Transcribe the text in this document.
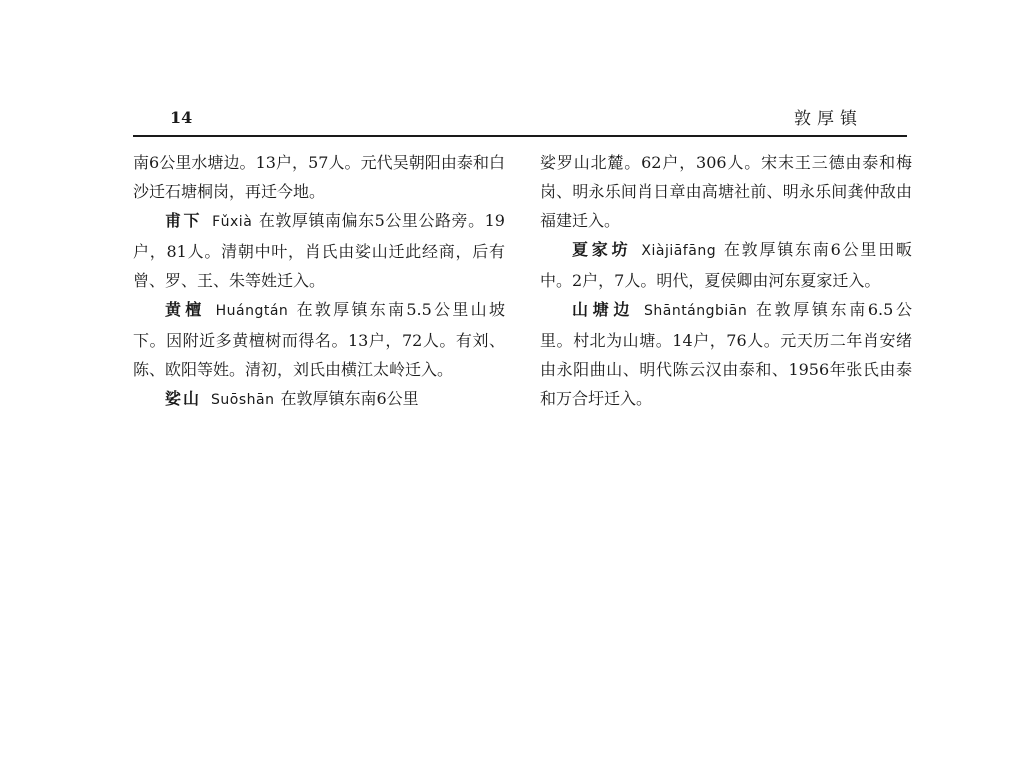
14	敦厚镇

南6公里水塘边。13户，57人。元代吴朝阳由泰和白沙迁石塘桐岗，再迁今地。

甫下 Fǔxià 在敦厚镇南偏东5公里公路旁。19户，81人。清朝中叶，肖氏由娑山迁此经商，后有曾、罗、王、朱等姓迁入。

黄檀 Huángtán 在敦厚镇东南5.5公里山坡下。因附近多黄檀树而得名。13户，72人。有刘、陈、欧阳等姓。清初，刘氏由横江太岭迁入。

娑山 Suōshān 在敦厚镇东南6公里

娑罗山北麓。62户，306人。宋末王三德由泰和梅岗、明永乐间肖日章由高塘社前、明永乐间龚仲敌由福建迁入。

夏家坊 Xiàjiāfāng 在敦厚镇东南6公里田畈中。2户，7人。明代，夏侯卿由河东夏家迁入。

山塘边 Shāntángbiān 在敦厚镇东南6.5公里。村北为山塘。14户，76人。元天历二年肖安绪由永阳曲山、明代陈云汉由泰和、1956年张氏由泰和万合圩迁入。
